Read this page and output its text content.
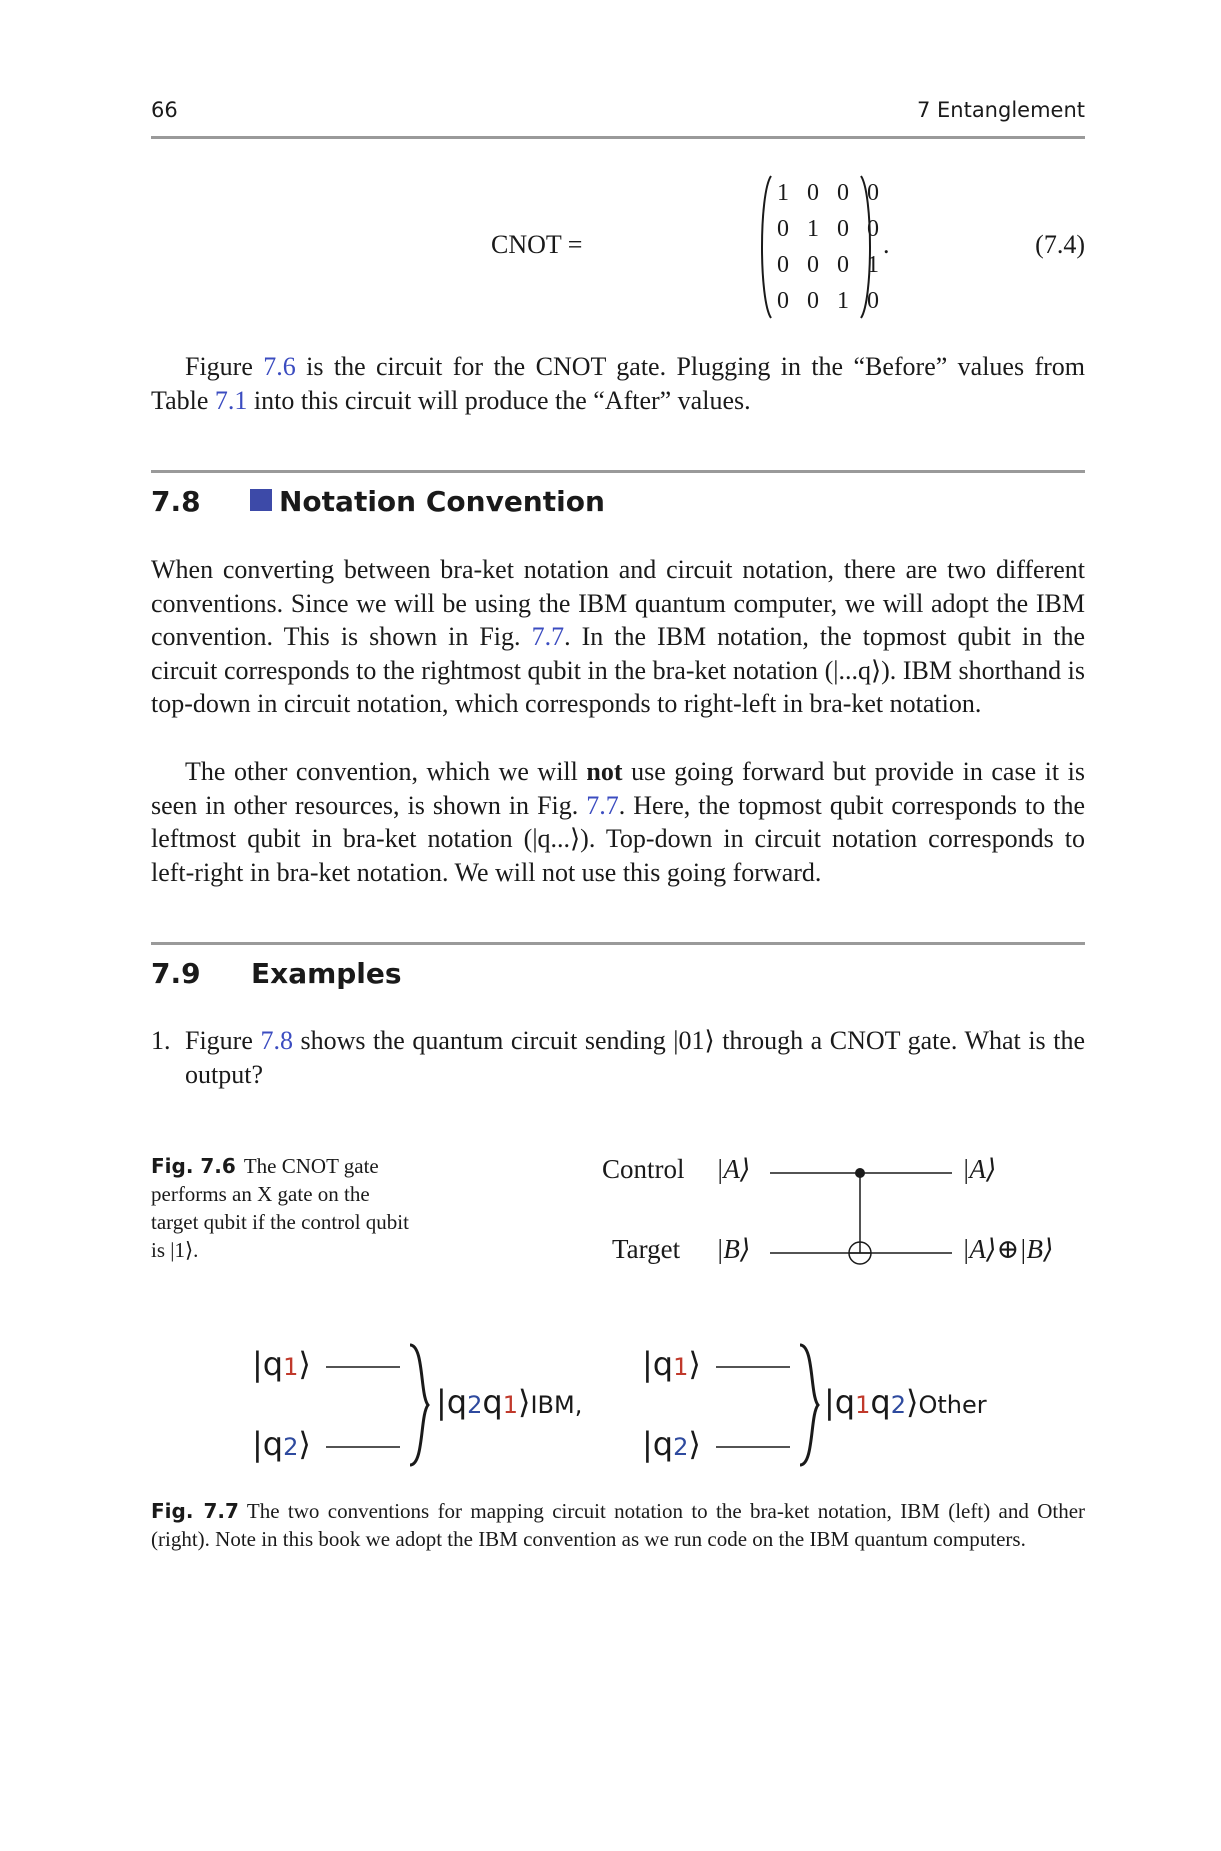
66	7 Entanglement
CNOT =
1 0 0 0
0 1 0 0
0 0 0 1
0 0 1 0
.	(7.4)

Figure 7.6 is the circuit for the CNOT gate. Plugging in the “Before” values from Table 7.1 into this circuit will produce the “After” values.

7.8	Notation Convention

When converting between bra-ket notation and circuit notation, there are two different conventions. Since we will be using the IBM quantum computer, we will adopt the IBM convention. This is shown in Fig. 7.7. In the IBM notation, the topmost qubit in the circuit corresponds to the rightmost qubit in the bra-ket notation (|...q⟩). IBM shorthand is top-down in circuit notation, which corresponds to right-left in bra-ket notation.

The other convention, which we will not use going forward but provide in case it is seen in other resources, is shown in Fig. 7.7. Here, the topmost qubit corresponds to the leftmost qubit in bra-ket notation (|q...⟩). Top-down in circuit notation corresponds to left-right in bra-ket notation. We will not use this going forward.

7.9 Examples
1. Figure 7.8 shows the quantum circuit sending |01⟩ through a CNOT gate. What is the output?
Fig. 7.6 The CNOT gate performs an X gate on the target qubit if the control qubit is |1⟩.
Control
Target
|A⟩
|B⟩
|A⟩
|A⟩⊕|B⟩
|q1⟩
|q2⟩
|q2q1⟩IBM,
|q1⟩
|q2⟩
|q1q2⟩Other
Fig. 7.7 The two conventions for mapping circuit notation to the bra-ket notation, IBM (left) and Other (right). Note in this book we adopt the IBM convention as we run code on the IBM quantum computers.
